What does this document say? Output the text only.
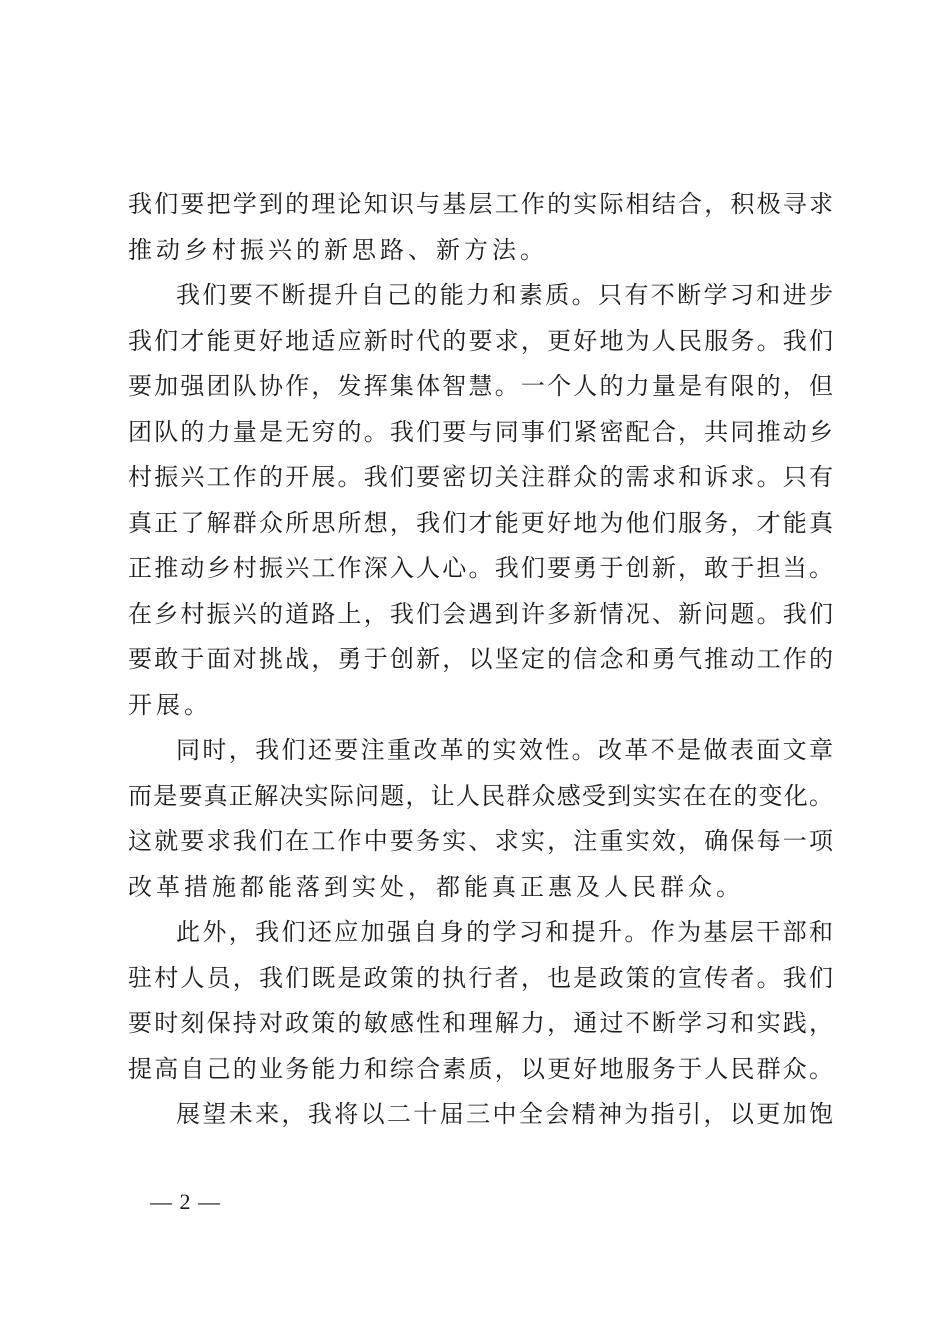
我们要把学到的理论知识与基层工作的实际相结合，积极寻求
推动乡村振兴的新思路、新方法。
我们要不断提升自己的能力和素质。只有不断学习和进步
我们才能更好地适应新时代的要求，更好地为人民服务。我们
要加强团队协作，发挥集体智慧。一个人的力量是有限的，但
团队的力量是无穷的。我们要与同事们紧密配合，共同推动乡
村振兴工作的开展。我们要密切关注群众的需求和诉求。只有
真正了解群众所思所想，我们才能更好地为他们服务，才能真
正推动乡村振兴工作深入人心。我们要勇于创新，敢于担当。
在乡村振兴的道路上，我们会遇到许多新情况、新问题。我们
要敢于面对挑战，勇于创新，以坚定的信念和勇气推动工作的
开展。
同时，我们还要注重改革的实效性。改革不是做表面文章
而是要真正解决实际问题，让人民群众感受到实实在在的变化。
这就要求我们在工作中要务实、求实，注重实效，确保每一项
改革措施都能落到实处，都能真正惠及人民群众。
此外，我们还应加强自身的学习和提升。作为基层干部和
驻村人员，我们既是政策的执行者，也是政策的宣传者。我们
要时刻保持对政策的敏感性和理解力，通过不断学习和实践，
提高自己的业务能力和综合素质，以更好地服务于人民群众。
展望未来，我将以二十届三中全会精神为指引，以更加饱
— 2 —
